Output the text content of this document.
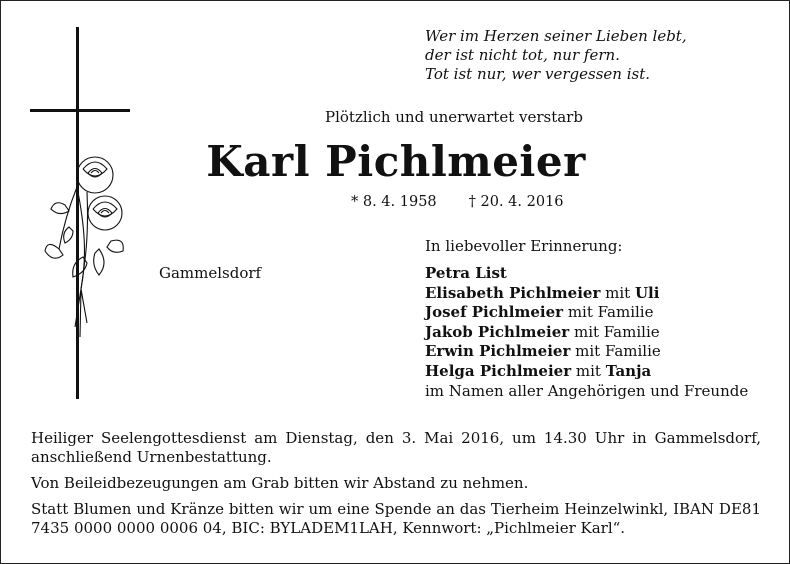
Wer im Herzen seiner Lieben lebt,
der ist nicht tot, nur fern.
Tot ist nur, wer vergessen ist.
Plötzlich und unerwartet verstarb
Karl Pichlmeier
* 8. 4. 1958 † 20. 4. 2016
In liebevoller Erinnerung:
Gammelsdorf	Petra List
Elisabeth Pichlmeier mit Uli
Josef Pichlmeier mit Familie
Jakob Pichlmeier mit Familie
Erwin Pichlmeier mit Familie
Helga Pichlmeier mit Tanja
im Namen aller Angehörigen und Freunde

Heiliger Seelengottesdienst am Dienstag, den 3. Mai 2016, um 14.30 Uhr in Gammelsdorf, anschließend Urnenbestattung.

Von Beileidbezeugungen am Grab bitten wir Abstand zu nehmen.

Statt Blumen und Kränze bitten wir um eine Spende an das Tierheim Heinzelwinkl, IBAN DE81 7435 0000 0000 0006 04, BIC: BYLADEM1LAH, Kennwort: „Pichlmeier Karl“.
